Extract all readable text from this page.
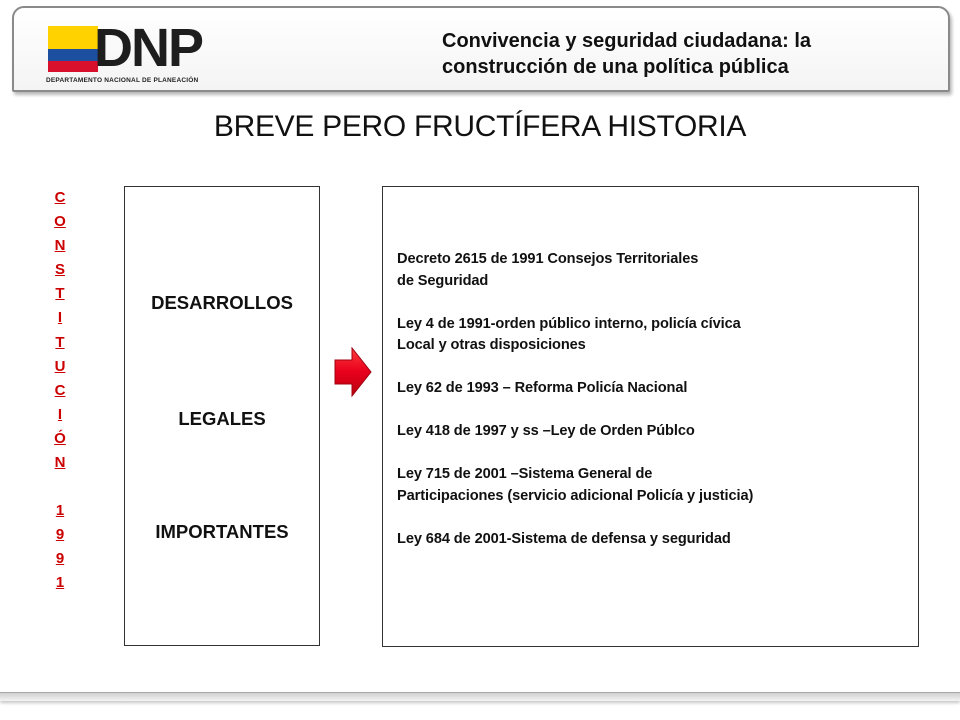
DNP
DEPARTAMENTO NACIONAL DE PLANEACIÓN
Convivencia y seguridad ciudadana: la
construcción de una política pública
BREVE PERO FRUCTÍFERA HISTORIA
C
O
N
S
T
I
T
U
C
I
Ó
N
1
9
9
1
DESARROLLOS
LEGALES
IMPORTANTES
Decreto 2615 de 1991 Consejos Territoriales
de Seguridad
Ley 4 de 1991-orden público interno, policía cívica
Local y otras disposiciones
Ley 62 de 1993 – Reforma Policía Nacional
Ley 418 de 1997 y ss –Ley de Orden Públco
Ley 715 de 2001 –Sistema General de
Participaciones (servicio adicional Policía y justicia)
Ley 684 de 2001-Sistema de defensa y seguridad
